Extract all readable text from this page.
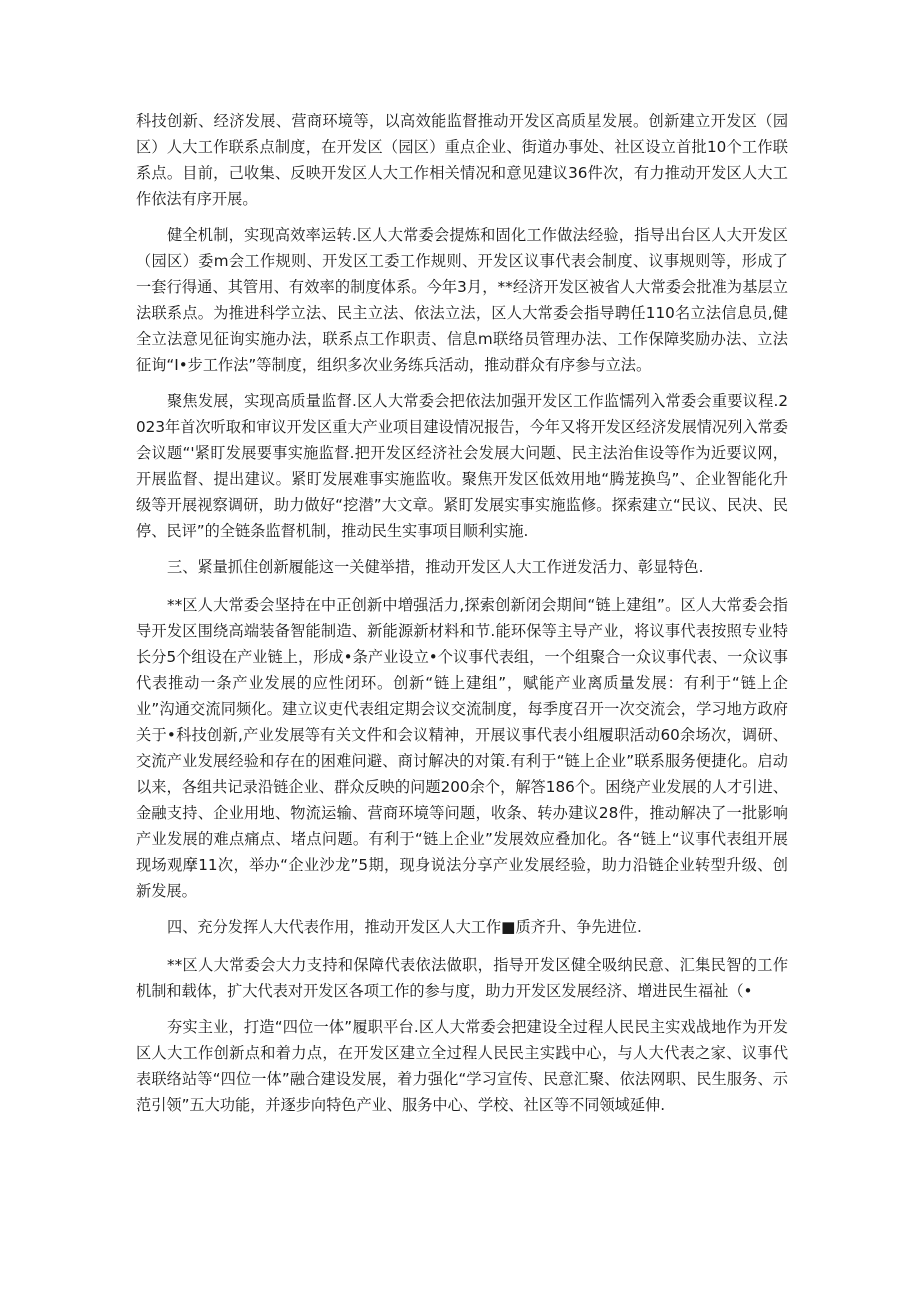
科技创新、经济发展、营商环境等，以高效能监督推动开发区高质星发展。创新建立开发区（园区）人大工作联系点制度，在开发区（园区）重点企业、街道办事处、社区设立首批10个工作联系点。目前，己收集、反映开发区人大工作相关情况和意见建议36件次，有力推动开发区人大工作依法有序开展。

健全机制，实现高效率运转.区人大常委会提炼和固化工作做法经验，指导出台区人大开发区（园区）委m会工作规则、开发区工委工作规则、开发区议事代表会制度、议事规则等，形成了一套行得通、其管用、有效率的制度体系。今年3月，**经济开发区被省人大常委会批准为基层立法联系点。为推进科学立法、民主立法、依法立法，区人大常委会指导聘任110名立法信息员,健全立法意见征询实施办法，联系点工作职责、信息m联络员管理办法、工作保障奖励办法、立法征询“I•步工作法”等制度，组织多次业务练兵活动，推动群众有序参与立法。

聚焦发展，实现高质量监督.区人大常委会把依法加强开发区工作监懦列入常委会重要议程.2023年首次听取和审议开发区重大产业项目建设情况报告，今年又将开发区经济发展情况列入常委会议题“'紧盯发展要事实施监督.把开发区经济社会发展大问题、民主法治隹设等作为近要议网，开展监督、提出建议。紧盯发展难事实施监收。聚焦开发区低效用地“腾茏换鸟”、企业智能化升级等开展视察调研，助力做好“挖潜”大文章。紧盯发展实事实施监修。探索建立“民议、民决、民停、民评”的全链条监督机制，推动民生实事项目顺利实施.

三、紧量抓住创新履能这一关健举措，推动开发区人大工作迸发活力、彰显特色.

**区人大常委会坚持在中正创新中増强活力,探索创新闭会期间“链上建组”。区人大常委会指导开发区围绕高端装备智能制造、新能源新材料和节.能环保等主导产业，将议事代表按照专业特长分5个组设在产业链上，形成•条产业设立•个议事代表组，一个组聚合一众议事代表、一众议事代表推动一条产业发展的应性闭环。创新“链上建组”，赋能产业离质量发展：有利于“链上企业”沟通交流同频化。建立议吏代表组定期会议交流制度，每季度召开一次交流会，学习地方政府关于•科技创新,产业发展等有关文件和会议精神，开展议事代表小组履职活动60余场次，调研、交流产业发展经验和存在的困难问避、商讨解决的对策.有利于“链上企业”联系服务便捷化。启动以来，各组共记录沿链企业、群众反映的问题200余个，解答186个。困绕产业发展的人才引进、金融支持、企业用地、物流运输、营商环境等问题，收条、转办建议28件，推动解决了一批影响产业发展的难点痛点、堵点问题。有利于“链上企业”发展效应叠加化。各“链上“议事代表组开展现场观摩11次，举办“企业沙龙”5期，现身说法分享产业发展经验，助力沿链企业转型升级、创新发展。

四、充分发挥人大代表作用，推动开发区人大工作■质齐升、争先进位.

**区人大常委会大力支持和保障代表依法做职，指导开发区健全吸纳民意、汇集民智的工作机制和载体，扩大代表对开发区各项工作的参与度，助力开发区发展经济、增进民生福祉（•

夯实主业，打造“四位一体”履职平台.区人大常委会把建设全过程人民民主实戏战地作为开发区人大工作创新点和着力点，在开发区建立全过程人民民主实践中心，与人大代表之家、议事代表联络站等“四位一体”融合建设发展，着力强化“学习宣传、民意汇聚、依法网职、民生服务、示范引领”五大功能，并逐步向特色产业、服务中心、学校、社区等不同领域延伸.
